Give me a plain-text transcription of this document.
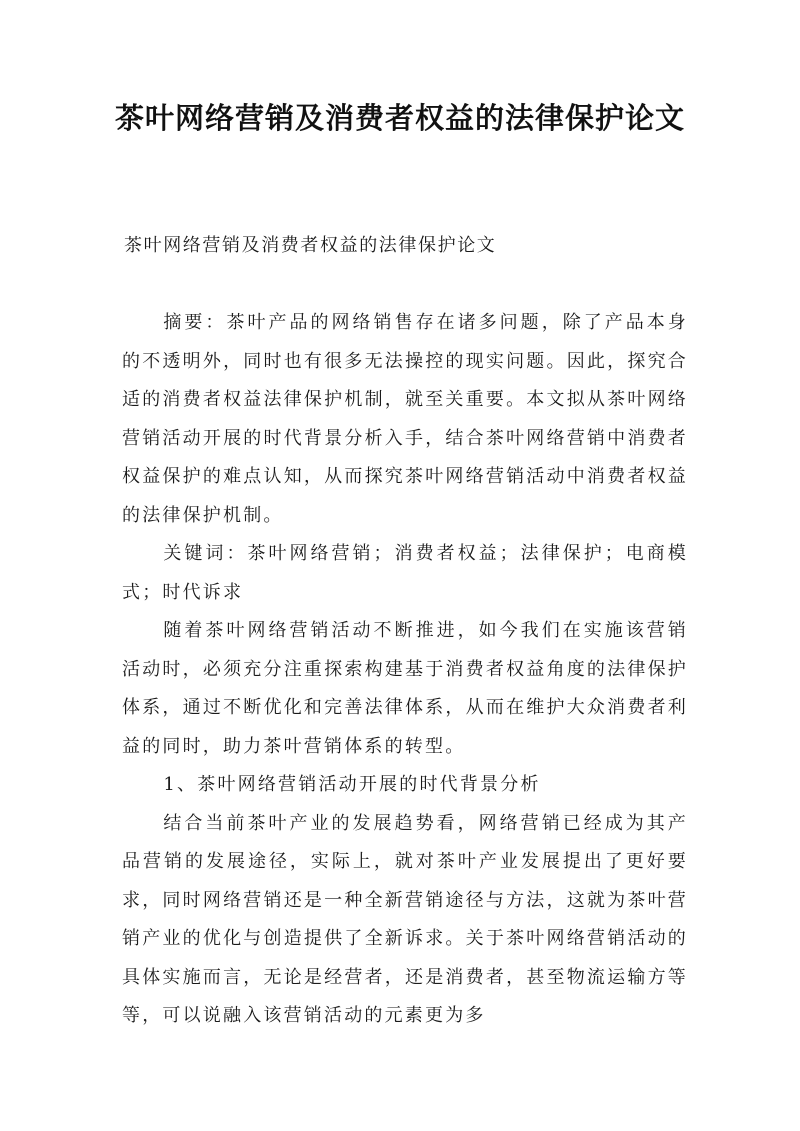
茶叶网络营销及消费者权益的法律保护论文

茶叶网络营销及消费者权益的法律保护论文

摘要：茶叶产品的网络销售存在诸多问题，除了产品本身的不透明外，同时也有很多无法操控的现实问题。因此，探究合适的消费者权益法律保护机制，就至关重要。本文拟从茶叶网络营销活动开展的时代背景分析入手，结合茶叶网络营销中消费者权益保护的难点认知，从而探究茶叶网络营销活动中消费者权益的法律保护机制。

关键词：茶叶网络营销；消费者权益；法律保护；电商模式；时代诉求

随着茶叶网络营销活动不断推进，如今我们在实施该营销活动时，必须充分注重探索构建基于消费者权益角度的法律保护体系，通过不断优化和完善法律体系，从而在维护大众消费者利益的同时，助力茶叶营销体系的转型。

1、茶叶网络营销活动开展的时代背景分析

结合当前茶叶产业的发展趋势看，网络营销已经成为其产品营销的发展途径，实际上，就对茶叶产业发展提出了更好要求，同时网络营销还是一种全新营销途径与方法，这就为茶叶营销产业的优化与创造提供了全新诉求。关于茶叶网络营销活动的具体实施而言，无论是经营者，还是消费者，甚至物流运输方等等，可以说融入该营销活动的元素更为多
